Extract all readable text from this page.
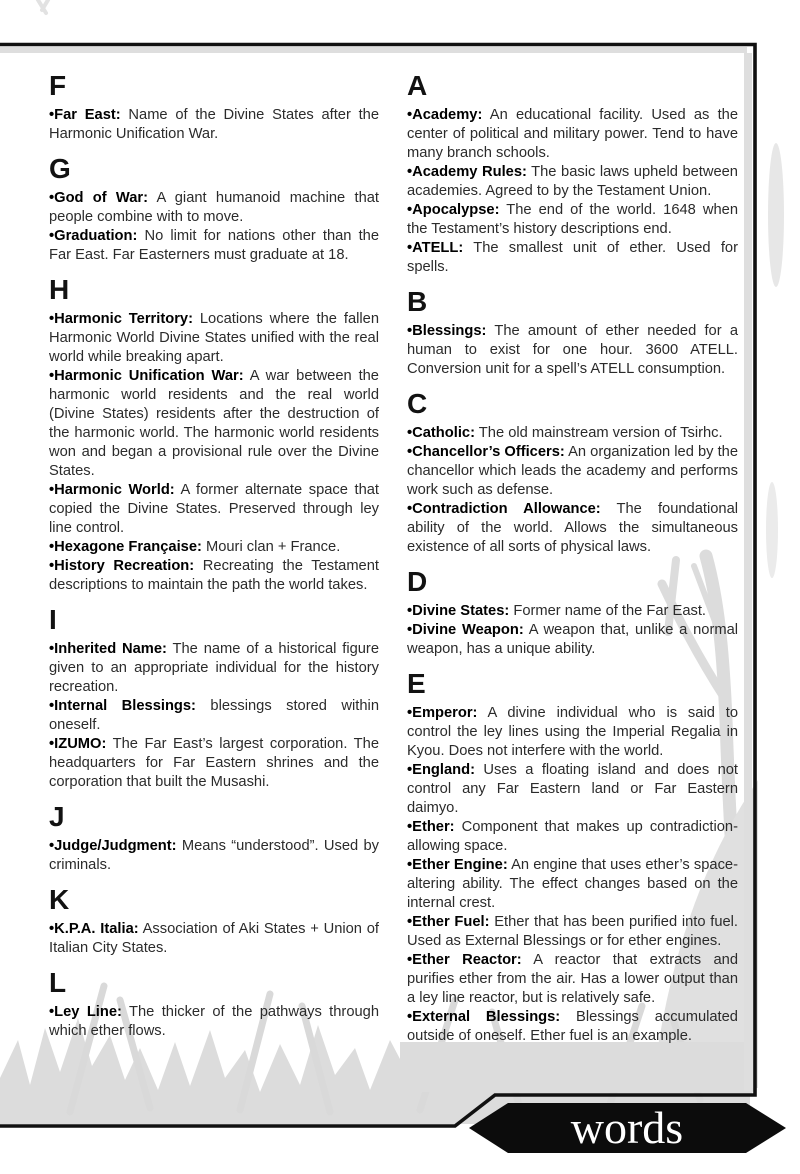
F

•Far East: Name of the Divine States after the Harmonic Unification War.

G

•God of War: A giant humanoid machine that people combine with to move.

•Graduation: No limit for nations other than the Far East. Far Easterners must graduate at 18.

H

•Harmonic Territory: Locations where the fallen Harmonic World Divine States unified with the real world while breaking apart.

•Harmonic Unification War: A war between the harmonic world residents and the real world (Divine States) residents after the destruction of the harmonic world. The harmonic world residents won and began a provisional rule over the Divine States.

•Harmonic World: A former alternate space that copied the Divine States. Preserved through ley line control.

•Hexagone Française: Mouri clan + France.

•History Recreation: Recreating the Testament descriptions to maintain the path the world takes.

I

•Inherited Name: The name of a historical figure given to an appropriate individual for the history recreation.

•Internal Blessings: blessings stored within oneself.

•IZUMO: The Far East’s largest corporation. The headquarters for Far Eastern shrines and the corporation that built the Musashi.

J

•Judge/Judgment: Means “understood”. Used by criminals.

K

•K.P.A. Italia: Association of Aki States + Union of Italian City States.

L

•Ley Line: The thicker of the pathways through which ether flows.

A

•Academy: An educational facility. Used as the center of political and military power. Tend to have many branch schools.

•Academy Rules: The basic laws upheld between academies. Agreed to by the Testament Union.

•Apocalypse: The end of the world. 1648 when the Testament’s history descriptions end.

•ATELL: The smallest unit of ether. Used for spells.

B

•Blessings: The amount of ether needed for a human to exist for one hour. 3600 ATELL. Conversion unit for a spell’s ATELL consumption.

C

•Catholic: The old mainstream version of Tsirhc.

•Chancellor’s Officers: An organization led by the chancellor which leads the academy and performs work such as defense.

•Contradiction Allowance: The foundational ability of the world. Allows the simultaneous existence of all sorts of physical laws.

D

•Divine States: Former name of the Far East.

•Divine Weapon: A weapon that, unlike a normal weapon, has a unique ability.

E

•Emperor: A divine individual who is said to control the ley lines using the Imperial Regalia in Kyou. Does not interfere with the world.

•England: Uses a floating island and does not control any Far Eastern land or Far Eastern daimyo.

•Ether: Component that makes up contradiction-allowing space.

•Ether Engine: An engine that uses ether’s space-altering ability. The effect changes based on the internal crest.

•Ether Fuel: Ether that has been purified into fuel. Used as External Blessings or for ether engines.

•Ether Reactor: A reactor that extracts and purifies ether from the air. Has a lower output than a ley line reactor, but is relatively safe.

•External Blessings: Blessings accumulated outside of oneself. Ether fuel is an example.

words
